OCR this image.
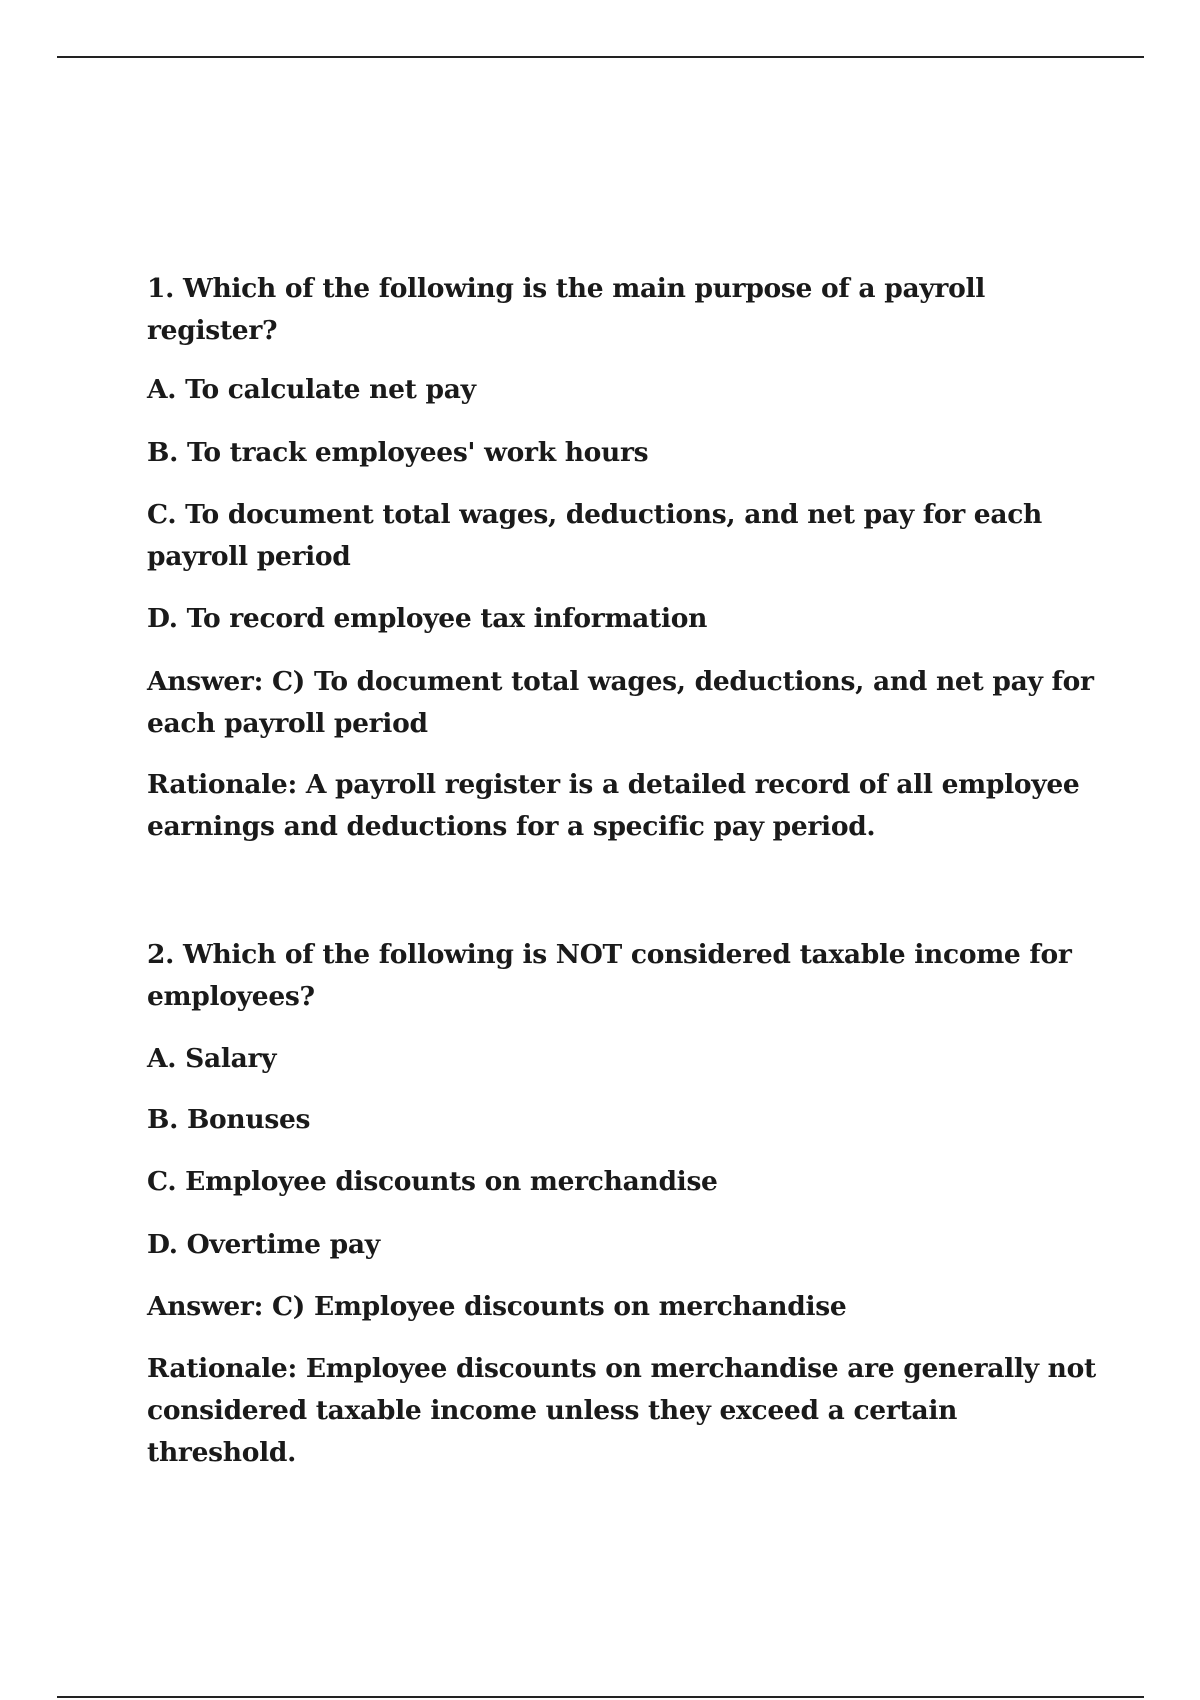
1. Which of the following is the main purpose of a payroll register?

A. To calculate net pay

B. To track employees' work hours

C. To document total wages, deductions, and net pay for each payroll period

D. To record employee tax information

Answer: C) To document total wages, deductions, and net pay for each payroll period

Rationale: A payroll register is a detailed record of all employee earnings and deductions for a specific pay period.

2. Which of the following is NOT considered taxable income for employees?

A. Salary

B. Bonuses

C. Employee discounts on merchandise

D. Overtime pay

Answer: C) Employee discounts on merchandise

Rationale: Employee discounts on merchandise are generally not considered taxable income unless they exceed a certain threshold.
